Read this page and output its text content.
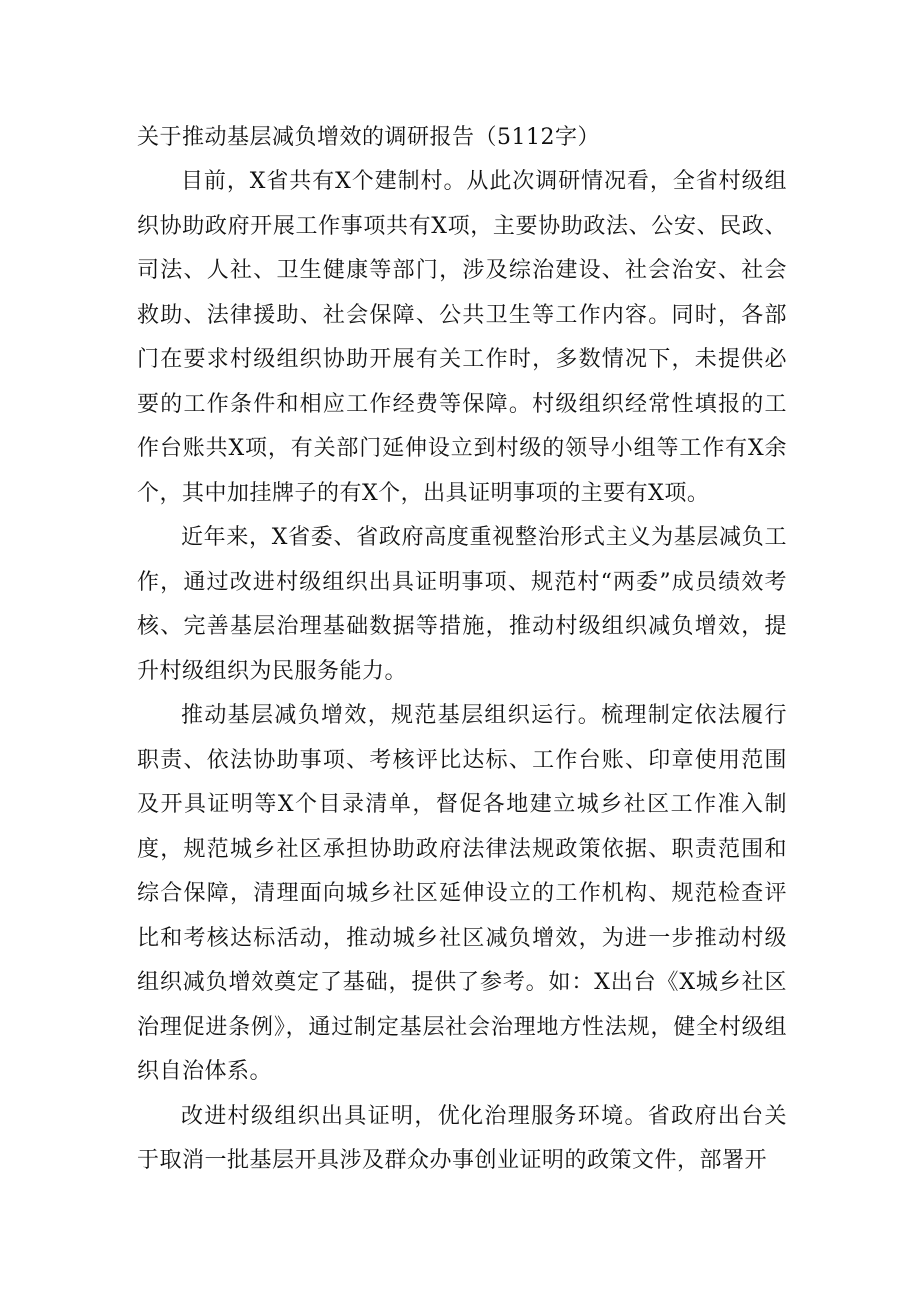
关于推动基层减负增效的调研报告（5112字）

目前，X省共有X个建制村。从此次调研情况看，全省村级组织协助政府开展工作事项共有X项，主要协助政法、公安、民政、司法、人社、卫生健康等部门，涉及综治建设、社会治安、社会救助、法律援助、社会保障、公共卫生等工作内容。同时，各部门在要求村级组织协助开展有关工作时，多数情况下，未提供必要的工作条件和相应工作经费等保障。村级组织经常性填报的工作台账共X项，有关部门延伸设立到村级的领导小组等工作有X余个，其中加挂牌子的有X个，出具证明事项的主要有X项。

近年来，X省委、省政府高度重视整治形式主义为基层减负工作，通过改进村级组织出具证明事项、规范村“两委”成员绩效考核、完善基层治理基础数据等措施，推动村级组织减负增效，提升村级组织为民服务能力。

推动基层减负增效，规范基层组织运行。梳理制定依法履行职责、依法协助事项、考核评比达标、工作台账、印章使用范围及开具证明等X个目录清单，督促各地建立城乡社区工作准入制度，规范城乡社区承担协助政府法律法规政策依据、职责范围和综合保障，清理面向城乡社区延伸设立的工作机构、规范检查评比和考核达标活动，推动城乡社区减负增效，为进一步推动村级组织减负增效奠定了基础，提供了参考。如：X出台《X城乡社区治理促进条例》，通过制定基层社会治理地方性法规，健全村级组织自治体系。

改进村级组织出具证明，优化治理服务环境。省政府出台关于取消一批基层开具涉及群众办事创业证明的政策文件，部署开
